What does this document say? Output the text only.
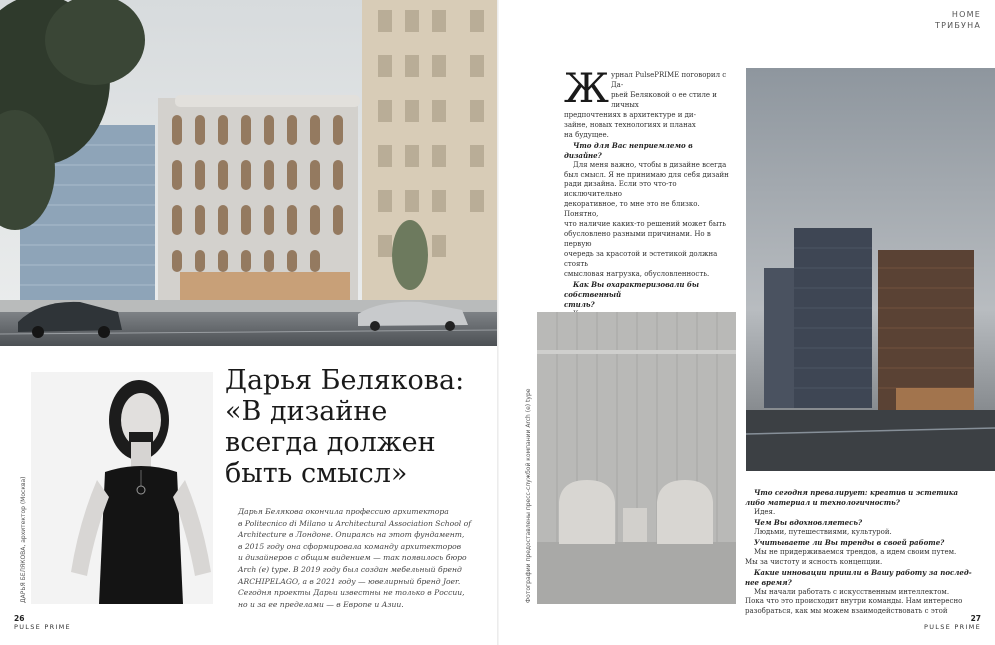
ДАРЬЯ БЕЛЯКОВА, архитектор (Москва)
Дарья Белякова:
«В дизайне
всегда должен
быть смысл»
Дарья Белякова окончила профессию архитектора
в Politecnico di Milano и Architectural Association School of
Architecture в Лондоне. Опираясь на этот фундамент,
в 2015 году она сформировала команду архитекторов
и дизайнеров с общим видением — так появилось бюро
Arch (e) type. В 2019 году был создан мебельный бренд
ARCHIPELAGO, а в 2021 году — ювелирный бренд Joer.
Сегодня проекты Дарьи известны не только в России,
но и за ее пределами — в Европе и Азии.
26
PULSE PRIME
HOME
ТРИБУНА
Ж урнал PulsePRIME поговорил с Да-
рьей Беляковой о ее стиле и личных
предпочтениях в архитектуре и ди-
зайне, новых технологиях и планах
на будущее.

Что для Вас неприемлемо в дизайне?

Для меня важно, чтобы в дизайне всегда

был смысл. Я не принимаю для себя дизайн

ради дизайна. Если это что-то исключительно

декоративное, то мне это не близко. Понятно,

что наличие каких-то решений может быть

обусловлено разными причинами. Но в первую

очередь за красотой и эстетикой должна стоять

смысловая нагрузка, обусловленность.

Как Вы охарактеризовали бы собственный

стиль?

Фотографии предоставлены пресс-службой компании Arch (e) type	Что сегодня превалирует: креатив и эстетика

либо материал и технологичность?

Идея.

Чем Вы вдохновляетесь?

Людьми, путешествиями, культурой.

Учитываете ли Вы тренды в своей работе?

Мы не придерживаемся трендов, а идем своим путем.

Мы за чистоту и ясность концепции.

Какие инновации пришли в Вашу работу за послед-

нее время?

Мы начали работать с искусственным интеллектом.

Пока что это происходит внутри команды. Нам интересно

разобраться, как мы можем взаимодействовать с этой

27
PULSE PRIME
